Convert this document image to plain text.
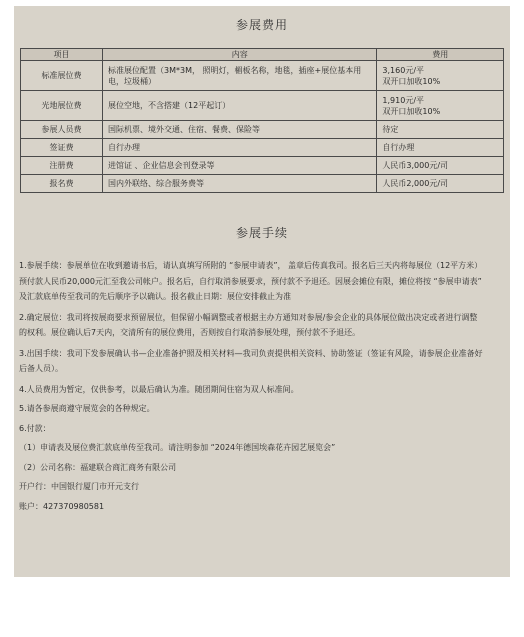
参展费用
项目	内容	费用
标准展位费	标准展位配置（3M*3M， 照明灯，楣板名称，地毯，插座+展位基本用电，垃圾桶）	3,160元/平
双开口加收10%

光地展位费	展位空地，不含搭建（12平起订）	1,910元/平
双开口加收10%

参展人员费	国际机票、境外交通、住宿、餐费、保险等	待定
签证费	自行办理	自行办理
注册费	进馆证 、企业信息会刊登录等	人民币3,000元/司
报名费	国内外联络、综合服务费等	人民币2,000元/司
参展手续

1.参展手续：参展单位在收到邀请书后，请认真填写所附的 “参展申请表”， 盖章后传真我司。报名后三天内将每展位（12平方米）预付款人民币20,000元汇至我公司帐户。报名后，自行取消参展要求，预付款不予退还。因展会摊位有限，摊位将按 “参展申请表” 及汇款底单传至我司的先后顺序予以确认。报名截止日期：展位安排截止为准

2.确定展位：我司将按展商要求预留展位，但保留小幅调整或者根据主办方通知对参展/参会企业的具体展位做出决定或者进行调整的权利。展位确认后7天内，交清所有的展位费用，否则按自行取消参展处理，预付款不予退还。

3.出国手续：我司下发参展确认书—企业准备护照及相关材料—我司负责提供相关资料、协助签证（签证有风险，请参展企业准备好后备人员）。

4.人员费用为暂定，仅供参考，以最后确认为准。随团期间住宿为双人标准间。

5.请各参展商遵守展览会的各种规定。

6.付款：

（1）申请表及展位费汇款底单传至我司。请注明参加 “2024年德国埃森花卉园艺展览会”

（2）公司名称：福建联合商汇商务有限公司

开户行：中国银行厦门市开元支行

账户：427370980581
